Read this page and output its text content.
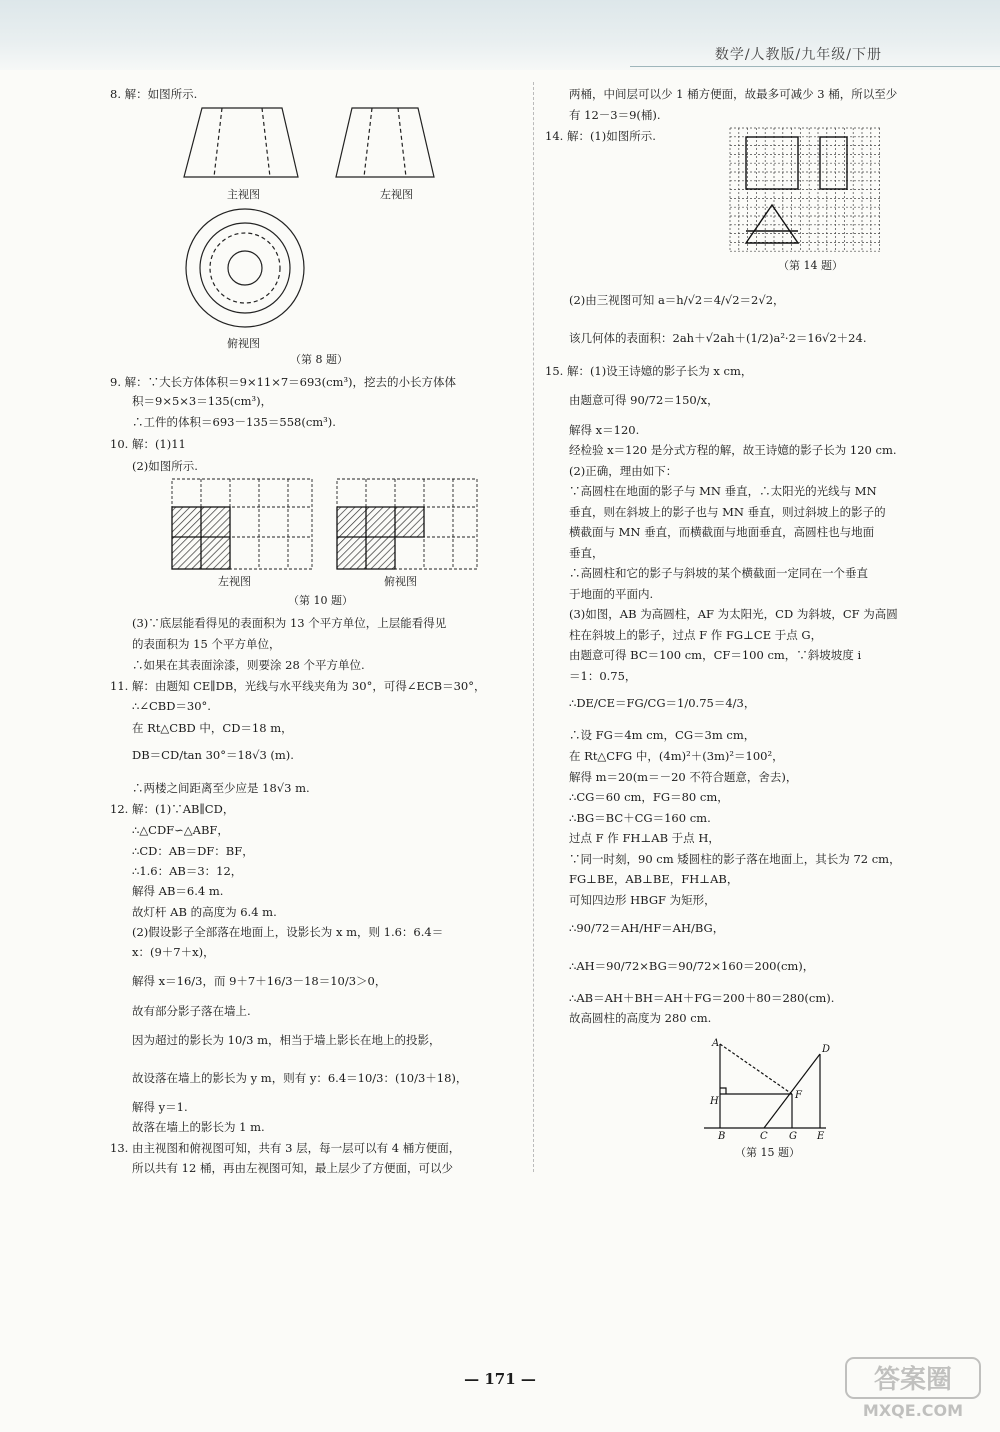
数学/人教版/九年级/下册
8. 解：如图所示.
主视图	左视图
俯视图
（第 8 题）
9. 解：∵大长方体体积＝9×11×7＝693(cm³)，挖去的小长方体体
积＝9×5×3＝135(cm³)，
∴工件的体积＝693－135＝558(cm³).
10. 解：(1)11
(2)如图所示.
左视图	俯视图
（第 10 题）
(3)∵底层能看得见的表面积为 13 个平方单位，上层能看得见
的表面积为 15 个平方单位，
∴如果在其表面涂漆，则要涂 28 个平方单位.
11. 解：由题知 CE∥DB，光线与水平线夹角为 30°，可得∠ECB＝30°，
∴∠CBD＝30°.
在 Rt△CBD 中，CD＝18 m，
DB＝CD/tan 30°＝18√3 (m).
∴两楼之间距离至少应是 18√3 m.
12. 解：(1)∵AB∥CD，
∴△CDF∽△ABF，
∴CD：AB＝DF：BF，
∴1.6：AB＝3：12，
解得 AB＝6.4 m.
故灯杆 AB 的高度为 6.4 m.
(2)假设影子全部落在地面上，设影长为 x m，则 1.6：6.4＝
x：(9＋7＋x)，
解得 x＝16/3，而 9＋7＋16/3－18＝10/3＞0，
故有部分影子落在墙上.
因为超过的影长为 10/3 m，相当于墙上影长在地上的投影，
故设落在墙上的影长为 y m，则有 y：6.4＝10/3：(10/3＋18)，
解得 y＝1.
故落在墙上的影长为 1 m.
13. 由主视图和俯视图可知，共有 3 层，每一层可以有 4 桶方便面，
所以共有 12 桶，再由左视图可知，最上层少了方便面，可以少
两桶，中间层可以少 1 桶方便面，故最多可减少 3 桶，所以至少
有 12－3＝9(桶).
14. 解：(1)如图所示.
（第 14 题）
(2)由三视图可知 a＝h/√2＝4/√2＝2√2，
该几何体的表面积：2ah＋√2ah＋(1/2)a²·2＝16√2＋24.
15. 解：(1)设王诗嬑的影子长为 x cm，
由题意可得 90/72＝150/x，
解得 x＝120.
经检验 x＝120 是分式方程的解，故王诗嬑的影子长为 120 cm.
(2)正确，理由如下：
∵高圆柱在地面的影子与 MN 垂直，∴太阳光的光线与 MN
垂直，则在斜坡上的影子也与 MN 垂直，则过斜坡上的影子的
横截面与 MN 垂直，而横截面与地面垂直，高圆柱也与地面
垂直，
∴高圆柱和它的影子与斜坡的某个横截面一定同在一个垂直
于地面的平面内.
(3)如图，AB 为高圆柱，AF 为太阳光，CD 为斜坡，CF 为高圆
柱在斜坡上的影子，过点 F 作 FG⊥CE 于点 G，
由题意可得 BC＝100 cm，CF＝100 cm，∵斜坡坡度 i
＝1：0.75，
∴DE/CE＝FG/CG＝1/0.75＝4/3，
∴设 FG＝4m cm，CG＝3m cm，
在 Rt△CFG 中，(4m)²＋(3m)²＝100²，
解得 m＝20(m＝－20 不符合题意，舍去)，
∴CG＝60 cm，FG＝80 cm，
∴BG＝BC＋CG＝160 cm.
过点 F 作 FH⊥AB 于点 H，
∵同一时刻，90 cm 矮圆柱的影子落在地面上，其长为 72 cm，
FG⊥BE，AB⊥BE，FH⊥AB，
可知四边形 HBGF 为矩形，
∴90/72＝AH/HF＝AH/BG，
∴AH＝90/72×BG＝90/72×160＝200(cm)，
∴AB＝AH＋BH＝AH＋FG＝200＋80＝280(cm).
故高圆柱的高度为 280 cm.
A
D
H
F
B	C G E
（第 15 题）
— 171 —	答案圈
MXQE.COM
